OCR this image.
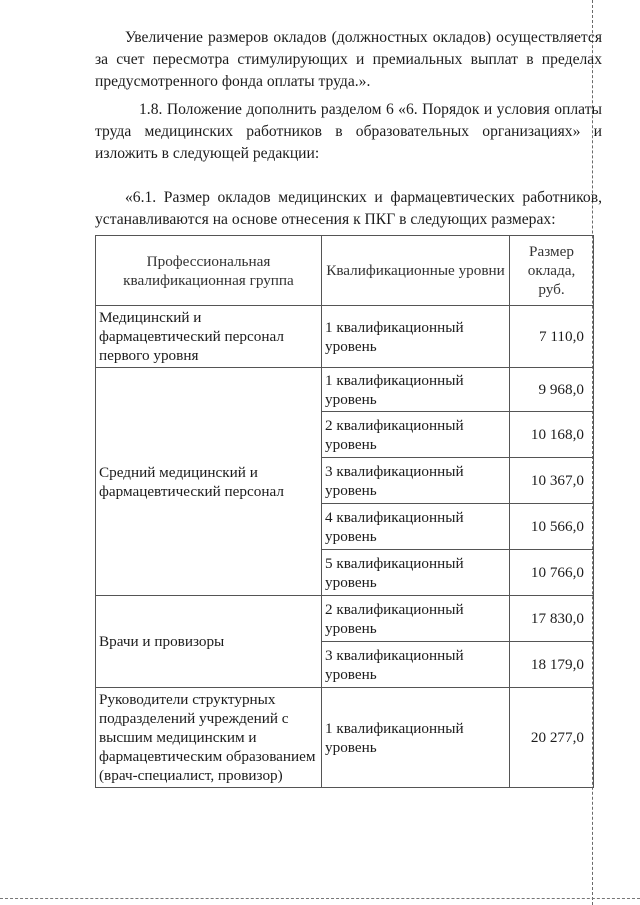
Увеличение размеров окладов (должностных окладов) осуществляется за счет пересмотра стимулирующих и премиальных выплат в пределах предусмотренного фонда оплаты труда.».

1.8. Положение дополнить разделом 6 «6. Порядок и условия оплаты труда медицинских работников в образовательных организациях» и изложить в следующей редакции:

«6.1. Размер окладов медицинских и фармацевтических работников, устанавливаются на основе отнесения к ПКГ в следующих размерах:

Профессиональная квалификационная группа	Квалификационные уровни	Размер оклада, руб.
Медицинский и фармацевтический персонал первого уровня	1 квалификационный уровень	7 110,0
Средний медицинский и фармацевтический персонал	1 квалификационный уровень	9 968,0
	2 квалификационный уровень	10 168,0
	3 квалификационный уровень	10 367,0
	4 квалификационный уровень	10 566,0
	5 квалификационный уровень	10 766,0
Врачи и провизоры	2 квалификационный уровень	17 830,0
	3 квалификационный уровень	18 179,0
Руководители структурных подразделений учреждений с высшим медицинским и фармацевтическим образованием (врач-специалист, провизор)	1 квалификационный уровень	20 277,0
